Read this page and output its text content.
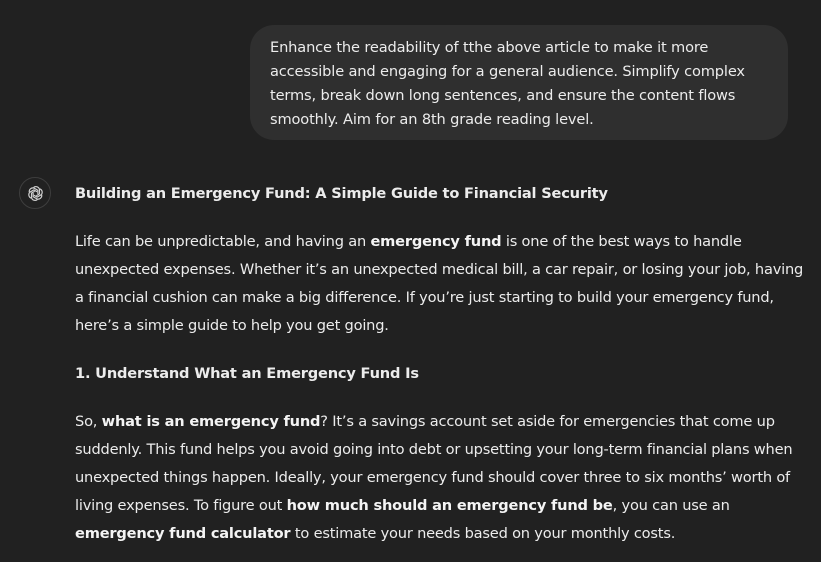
Enhance the readability of tthe above article to make it more accessible and engaging for a general audience. Simplify complex terms, break down long sentences, and ensure the content flows smoothly. Aim for an 8th grade reading level.

Building an Emergency Fund: A Simple Guide to Financial Security

Life can be unpredictable, and having an emergency fund is one of the best ways to handle unexpected expenses. Whether it’s an unexpected medical bill, a car repair, or losing your job, having a financial cushion can make a big difference. If you’re just starting to build your emergency fund, here’s a simple guide to help you get going.

1. Understand What an Emergency Fund Is

So, what is an emergency fund? It’s a savings account set aside for emergencies that come up suddenly. This fund helps you avoid going into debt or upsetting your long-term financial plans when unexpected things happen. Ideally, your emergency fund should cover three to six months’ worth of living expenses. To figure out how much should an emergency fund be, you can use an emergency fund calculator to estimate your needs based on your monthly costs.
